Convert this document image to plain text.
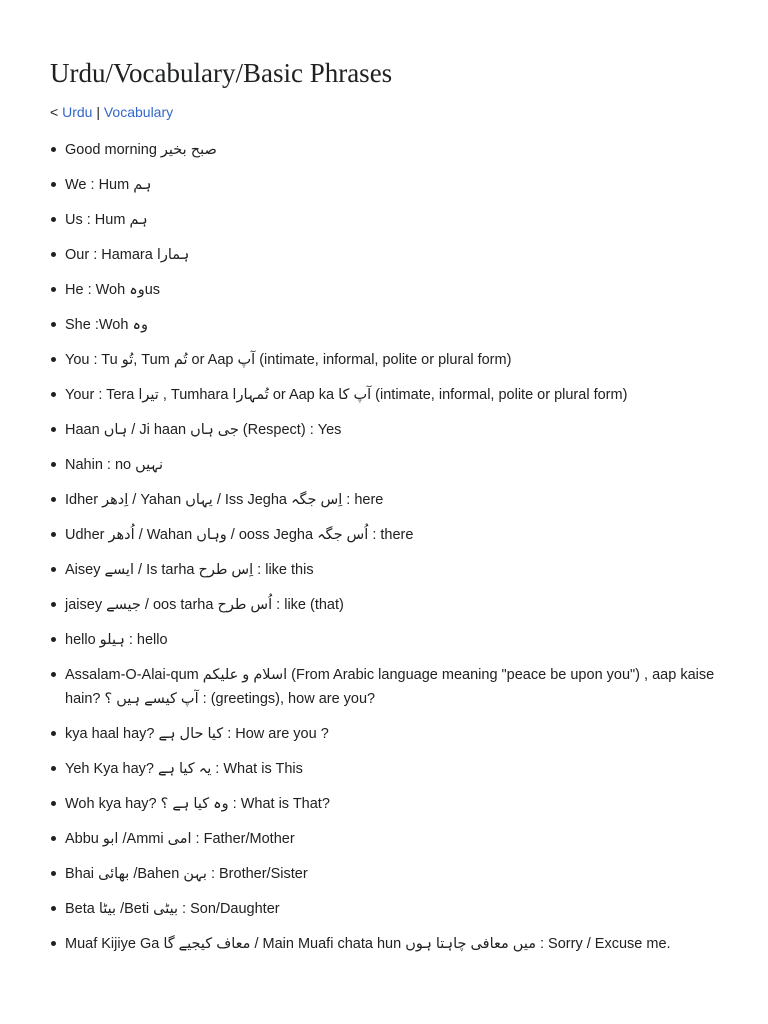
Urdu/Vocabulary/Basic Phrases
< Urdu | Vocabulary
Good morning صبح بخیر
We : Hum ہم
Us : Hum ہم
Our : Hamara ہمارا
He : Woh وہus
She :Woh وہ
You : Tu تُو, Tum تُم or Aap آپ (intimate, informal, polite or plural form)
Your : Tera تیرا , Tumhara تُمہارا or Aap ka آپ کا (intimate, informal, polite or plural form)
Haan ہاں / Ji haan جی ہاں (Respect) : Yes
Nahin : no نہیں
Idher اِدھر / Yahan یہاں / Iss Jegha اِس جگہ : here
Udher اُدھر / Wahan وہاں / ooss Jegha اُس جگہ : there
Aisey ایسے / Is tarha اِس طرح : like this
jaisey جیسے / oos tarha اُس طرح : like (that)
hello ہیلو : hello
Assalam-O-Alai-qum اسلام و علیکم (From Arabic language meaning "peace be upon you") , aap kaise hain? آپ کیسے ہیں ؟ : (greetings), how are you?
kya haal hay? کیا حال ہے : How are you ?
Yeh Kya hay? یہ کیا ہے : What is This
Woh kya hay? وہ کیا ہے ؟ : What is That?
Abbu ابو /Ammi امی : Father/Mother
Bhai بھائی /Bahen بہن : Brother/Sister
Beta بیٹا /Beti بیٹی : Son/Daughter
Muaf Kijiye Ga معاف کیجیے گا / Main Muafi chata hun میں معافی چاہتا ہوں : Sorry / Excuse me.
